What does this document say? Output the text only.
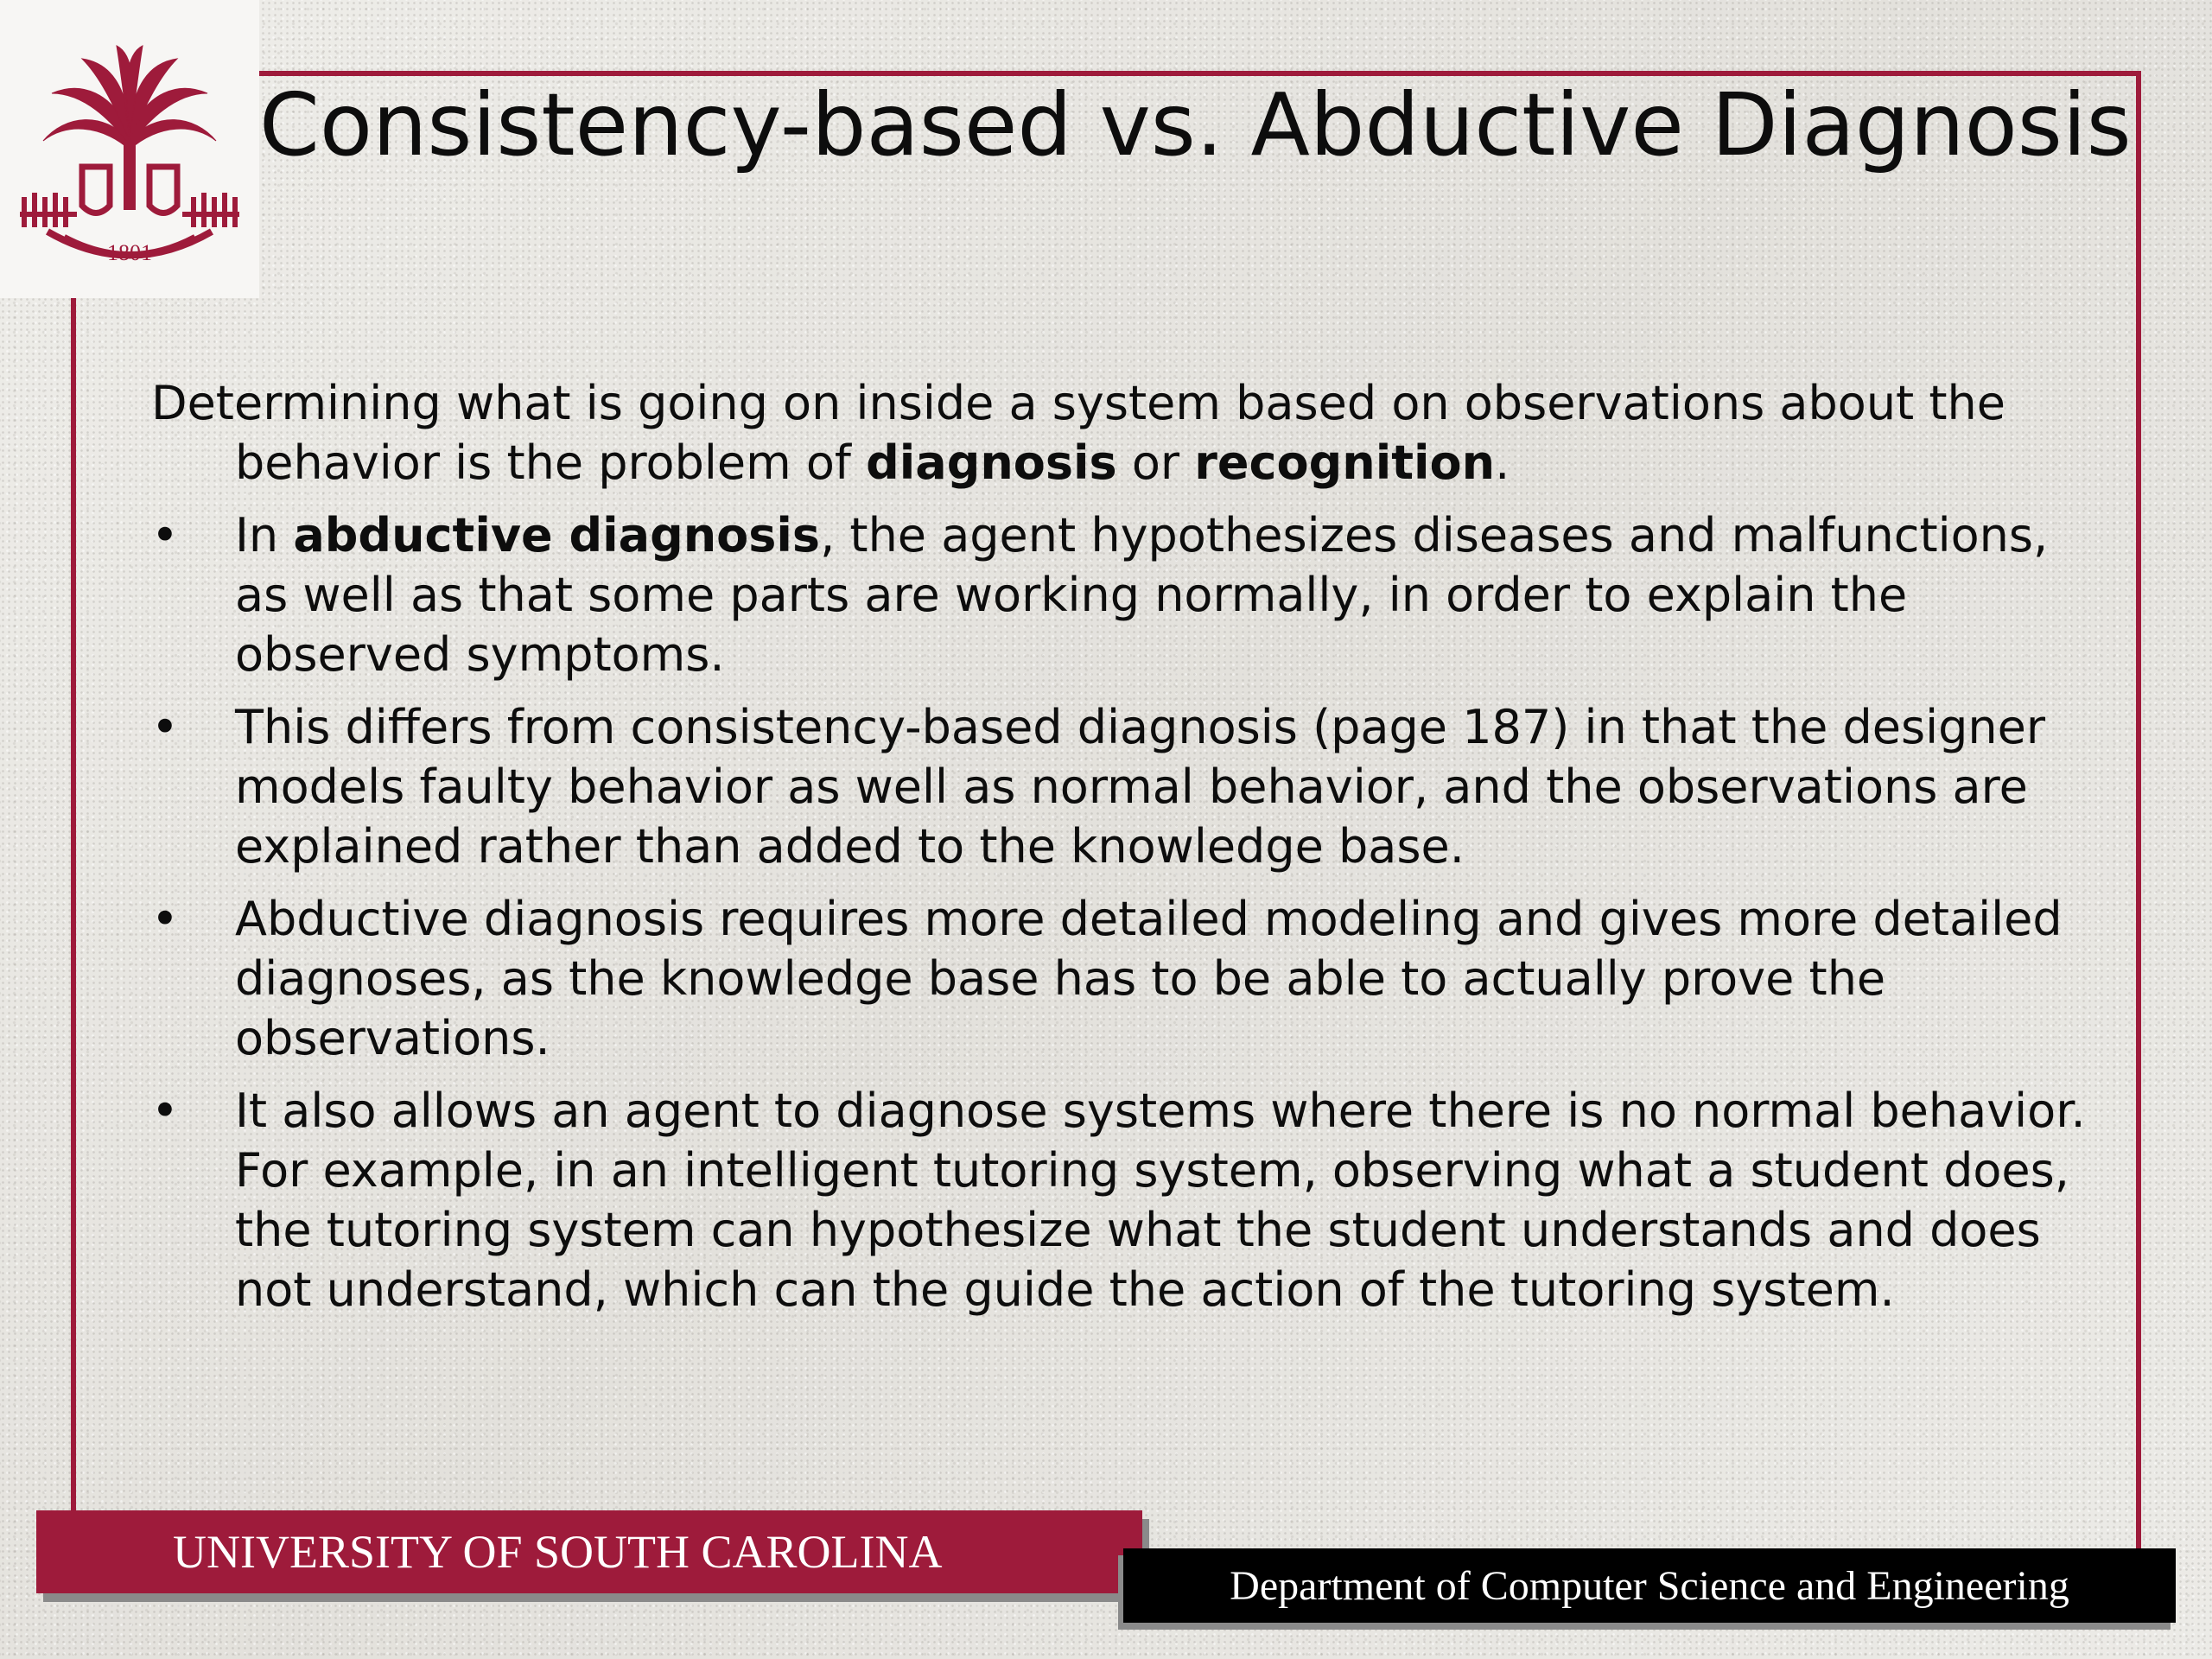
1801
Consistency-based vs. Abductive Diagnosis

Determining what is going on inside a system based on observations about the behavior is the problem of diagnosis or recognition.

• In abductive diagnosis, the agent hypothesizes diseases and malfunctions, as well as that some parts are working normally, in order to explain the observed symptoms.
• This differs from consistency-based diagnosis (page 187) in that the designer models faulty behavior as well as normal behavior, and the observations are explained rather than added to the knowledge base.
• Abductive diagnosis requires more detailed modeling and gives more detailed diagnoses, as the knowledge base has to be able to actually prove the observations.
• It also allows an agent to diagnose systems where there is no normal behavior. For example, in an intelligent tutoring system, observing what a student does, the tutoring system can hypothesize what the student understands and does not understand, which can the guide the action of the tutoring system.
UNIVERSITY OF SOUTH CAROLINA
Department of Computer Science and Engineering
